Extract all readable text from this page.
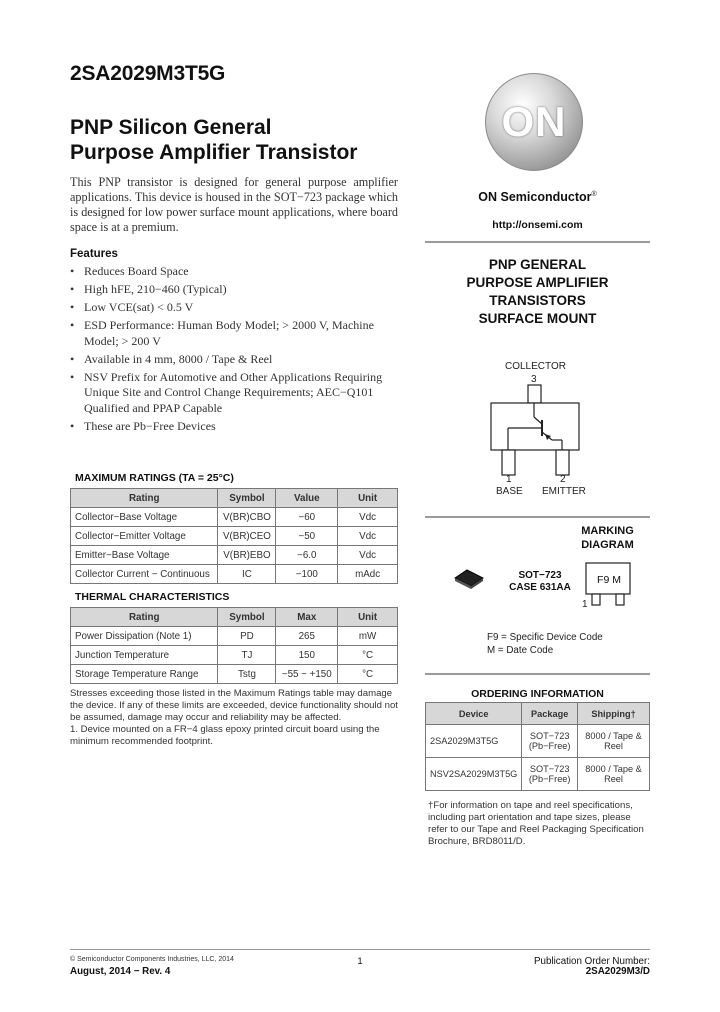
2SA2029M3T5G
PNP Silicon General
Purpose Amplifier Transistor
This PNP transistor is designed for general purpose amplifier applications. This device is housed in the SOT−723 package which is designed for low power surface mount applications, where board space is at a premium.
Features
• Reduces Board Space
• High hFE, 210−460 (Typical)
• Low VCE(sat) < 0.5 V
• ESD Performance: Human Body Model; > 2000 V, Machine Model; > 200 V
• Available in 4 mm, 8000 / Tape & Reel
• NSV Prefix for Automotive and Other Applications Requiring Unique Site and Control Change Requirements; AEC−Q101 Qualified and PPAP Capable
• These are Pb−Free Devices
MAXIMUM RATINGS (TA = 25°C)
Rating	Symbol	Value	Unit
Collector−Base Voltage	V(BR)CBO	−60	Vdc
Collector−Emitter Voltage	V(BR)CEO	−50	Vdc
Emitter−Base Voltage	V(BR)EBO	−6.0	Vdc
Collector Current − Continuous	IC	−100	mAdc
THERMAL CHARACTERISTICS
Rating	Symbol	Max	Unit
Power Dissipation (Note 1)	PD	265	mW
Junction Temperature	TJ	150	°C
Storage Temperature Range	Tstg	−55 ~ +150	°C
Stresses exceeding those listed in the Maximum Ratings table may damage the device. If any of these limits are exceeded, device functionality should not be assumed, damage may occur and reliability may be affected.
1. Device mounted on a FR−4 glass epoxy printed circuit board using the minimum recommended footprint.
ON
ON Semiconductor®
http://onsemi.com
PNP GENERAL
PURPOSE AMPLIFIER
TRANSISTORS
SURFACE MOUNT
COLLECTOR
3
1	2
BASE EMITTER
MARKING
DIAGRAM
SOT−723
CASE 631AA
F9 M
1
F9 = Specific Device Code
M = Date Code
ORDERING INFORMATION
Device	Package	Shipping†
2SA2029M3T5G	SOT−723 (Pb−Free)	8000 / Tape & Reel
NSV2SA2029M3T5G	SOT−723 (Pb−Free)	8000 / Tape & Reel
†For information on tape and reel specifications, including part orientation and tape sizes, please refer to our Tape and Reel Packaging Specification Brochure, BRD8011/D.
© Semiconductor Components Industries, LLC, 2014
August, 2014 − Rev. 4
1	Publication Order Number:
2SA2029M3/D
